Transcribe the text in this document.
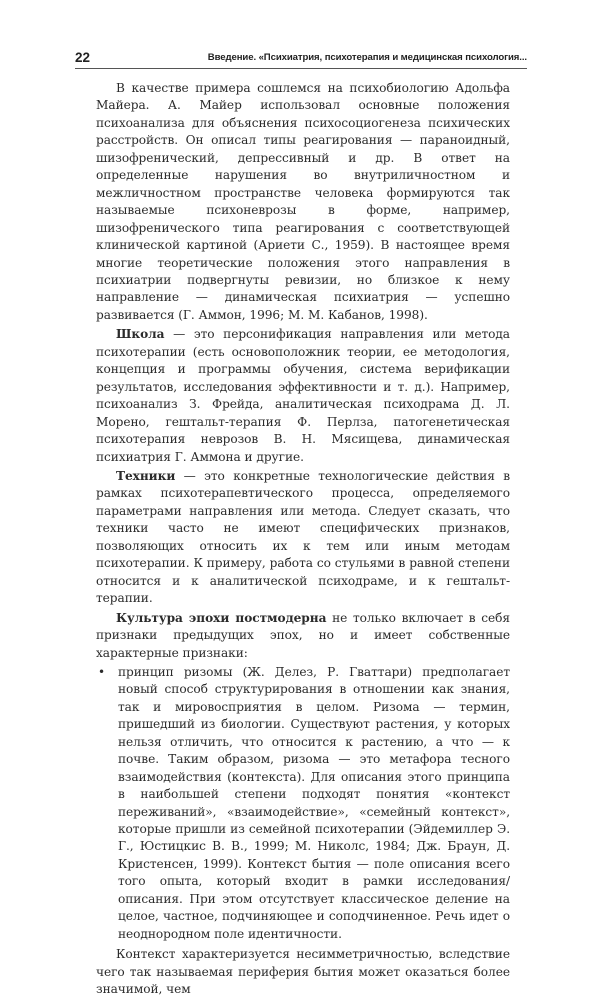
22	Введение. «Психиатрия, психотерапия и медицинская психология...

В качестве примера сошлемся на психобиологию Адольфа Майера. А. Майер использовал основные положения психоанализа для объяснения психосоциогенеза психических расстройств. Он описал типы реагирования — параноидный, шизофренический, депрессивный и др. В ответ на определенные нарушения во внутриличностном и межличностном пространстве человека формируются так называемые психоневрозы в форме, например, шизофренического типа реагирования с соответствующей клинической картиной (Ариети С., 1959). В настоящее время многие теоретические положения этого направления в психиатрии подвергнуты ревизии, но близкое к нему направление — динамическая психиатрия — успешно развивается (Г. Аммон, 1996; М. М. Кабанов, 1998).

Школа — это персонификация направления или метода психотерапии (есть основоположник теории, ее методология, концепция и программы обучения, система верификации результатов, исследования эффективности и т. д.). Например, психоанализ З. Фрейда, аналитическая психодрама Д. Л. Морено, гештальт-терапия Ф. Перлза, патогенетическая психотерапия неврозов В. Н. Мясищева, динамическая психиатрия Г. Аммона и другие.

Техники — это конкретные технологические действия в рамках психотерапевтического процесса, определяемого параметрами направления или метода. Следует сказать, что техники часто не имеют специфических признаков, позволяющих относить их к тем или иным методам психотерапии. К примеру, работа со стульями в равной степени относится и к аналитической психодраме, и к гештальт-терапии.

Культура эпохи постмодерна не только включает в себя признаки предыдущих эпох, но и имеет собственные характерные признаки:

• принцип ризомы (Ж. Делез, Р. Гваттари) предполагает новый способ структурирования в отношении как знания, так и мировосприятия в целом. Ризома — термин, пришедший из биологии. Существуют растения, у которых нельзя отличить, что относится к растению, а что — к почве. Таким образом, ризома — это метафора тесного взаимодействия (контекста). Для описания этого принципа в наибольшей степени подходят понятия «контекст переживаний», «взаимодействие», «семейный контекст», которые пришли из семейной психотерапии (Эйдемиллер Э. Г., Юстицкис В. В., 1999; М. Николс, 1984; Дж. Браун, Д. Кристенсен, 1999). Контекст бытия — поле описания всего того опыта, который входит в рамки исследования/описания. При этом отсутствует классическое деление на целое, частное, подчиняющее и соподчиненное. Речь идет о неоднородном поле идентичности.

Контекст характеризуется несимметричностью, вследствие чего так называемая периферия бытия может оказаться более значимой, чем
